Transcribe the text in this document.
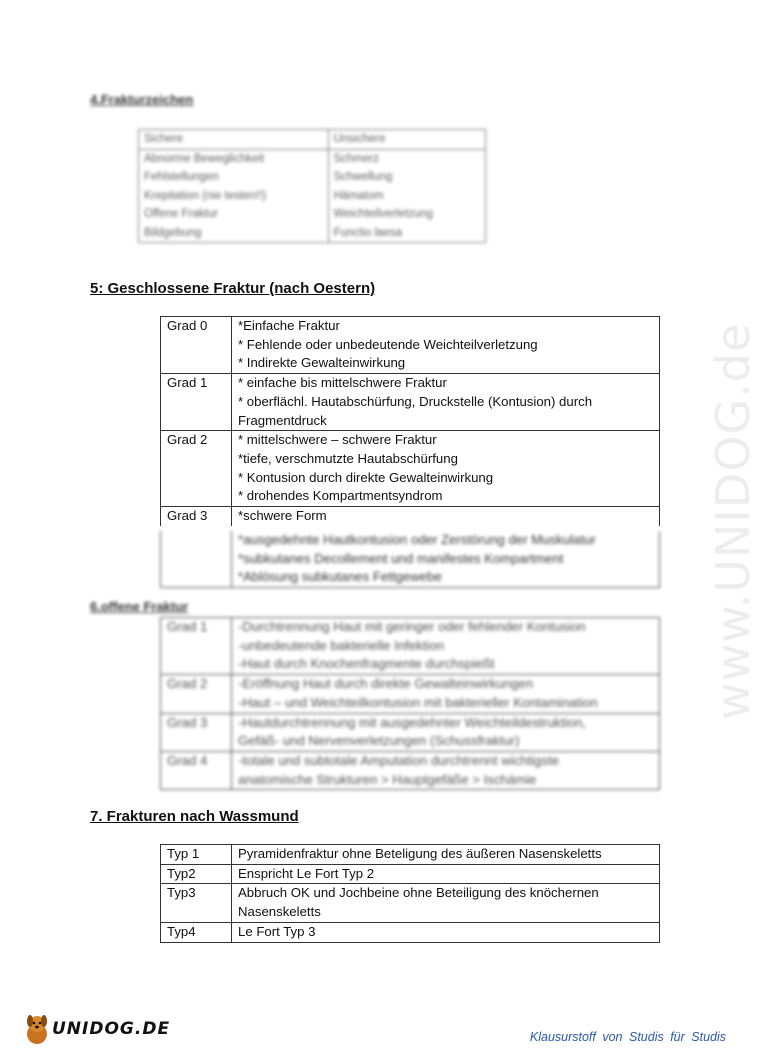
www.UNIDOG.de

4.Frakturzeichen

Sichere	Unsichere
Abnorme Beweglichkeit	Schmerz
Fehlstellungen	Schwellung
Krepitation (nie testen!!)	Hämatom
Offene Fraktur	Weichteilverletzung
Bildgebung	Functio laesa

5: Geschlossene Fraktur (nach Oestern)

Grad 0	*Einfache Fraktur
* Fehlende oder unbedeutende Weichteilverletzung
* Indirekte Gewalteinwirkung

Grad 1	* einfache bis mittelschwere Fraktur
* oberflächl. Hautabschürfung, Druckstelle (Kontusion) durch
Fragmentdruck

Grad 2	* mittelschwere – schwere Fraktur
*tiefe, verschmutzte Hautabschürfung
* Kontusion durch direkte Gewalteinwirkung
* drohendes Kompartmentsyndrom

Grad 3	*schwere Form

*ausgedehnte Hautkontusion oder Zerstörung der Muskulatur
*subkutanes Decollement und manifestes Kompartment
*Ablösung subkutanes Fettgewebe

6.offene Fraktur

Grad 1	-Durchtrennung Haut mit geringer oder fehlender Kontusion
-unbedeutende bakterielle Infektion
-Haut durch Knochenfragmente durchspießt

Grad 2	-Eröffnung Haut durch direkte Gewalteinwirkungen
-Haut – und Weichteilkontusion mit bakterieller Kontamination

Grad 3	-Hautdurchtrennung mit ausgedehnter Weichteildestruktion,
Gefäß- und Nervenverletzungen (Schussfraktur)

Grad 4	-totale und subtotale Amputation durchtrennt wichtigste
anatomische Strukturen > Hauptgefäße > Ischämie

7. Frakturen nach Wassmund

Typ 1	Pyramidenfraktur ohne Beteligung des äußeren Nasenskeletts

Typ2	Enspricht Le Fort Typ 2

Typ3	Abbruch OK und Jochbeine ohne Beteiligung des knöchernen
Nasenskeletts

Typ4	Le Fort Typ 3
UNIDOG.DE	Klausurstoff von Studis für Studis
